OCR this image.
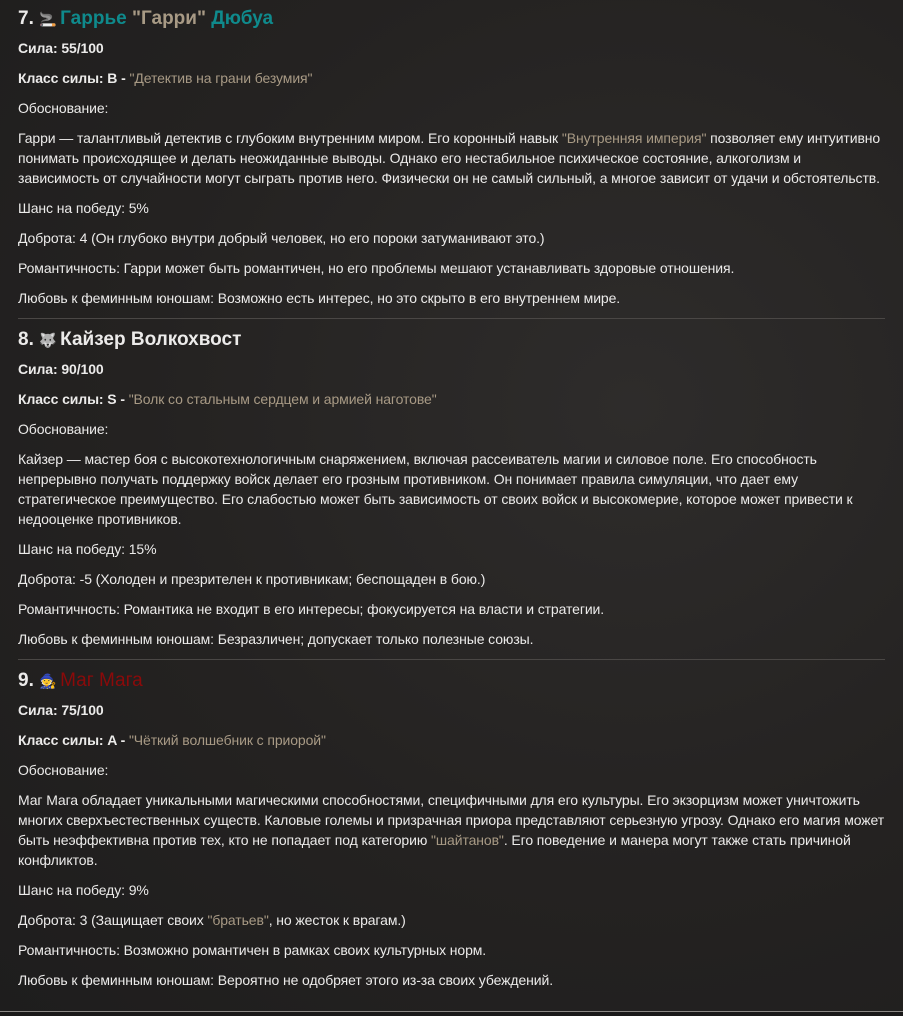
7.
🚬 Гаррье "Гарри" Дюбуа

Сила: 55/100

Класс силы: B - "Детектив на грани безумия"

Обоснование:

Гарри — талантливый детектив с глубоким внутренним миром. Его коронный навык "Внутренняя империя" позволяет ему интуитивно понимать происходящее и делать неожиданные выводы. Однако его нестабильное психическое состояние, алкоголизм и зависимость от случайности могут сыграть против него. Физически он не самый сильный, а многое зависит от удачи и обстоятельств.

Шанс на победу: 5%

Доброта: 4 (Он глубоко внутри добрый человек, но его пороки затуманивают это.)

Романтичность: Гарри может быть романтичен, но его проблемы мешают устанавливать здоровые отношения.

Любовь к феминным юношам: Возможно есть интерес, но это скрыто в его внутреннем мире.

8.
🐺 Кайзер Волкохвост

Сила: 90/100

Класс силы: S - "Волк со стальным сердцем и армией наготове"

Обоснование:

Кайзер — мастер боя с высокотехнологичным снаряжением, включая рассеиватель магии и силовое поле. Его способность непрерывно получать поддержку войск делает его грозным противником. Он понимает правила симуляции, что дает ему стратегическое преимущество. Его слабостью может быть зависимость от своих войск и высокомерие, которое может привести к недооценке противников.

Шанс на победу: 15%

Доброта: -5 (Холоден и презрителен к противникам; беспощаден в бою.)

Романтичность: Романтика не входит в его интересы; фокусируется на власти и стратегии.

Любовь к феминным юношам: Безразличен; допускает только полезные союзы.

9.
🧙 Маг Мага

Сила: 75/100

Класс силы: A - "Чёткий волшебник с приорой"

Обоснование:

Маг Мага обладает уникальными магическими способностями, специфичными для его культуры. Его экзорцизм может уничтожить многих сверхъестественных существ. Каловые големы и призрачная приора представляют серьезную угрозу. Однако его магия может быть неэффективна против тех, кто не попадает под категорию "шайтанов". Его поведение и манера могут также стать причиной конфликтов.

Шанс на победу: 9%

Доброта: 3 (Защищает своих "братьев", но жесток к врагам.)

Романтичность: Возможно романтичен в рамках своих культурных норм.

Любовь к феминным юношам: Вероятно не одобряет этого из-за своих убеждений.
